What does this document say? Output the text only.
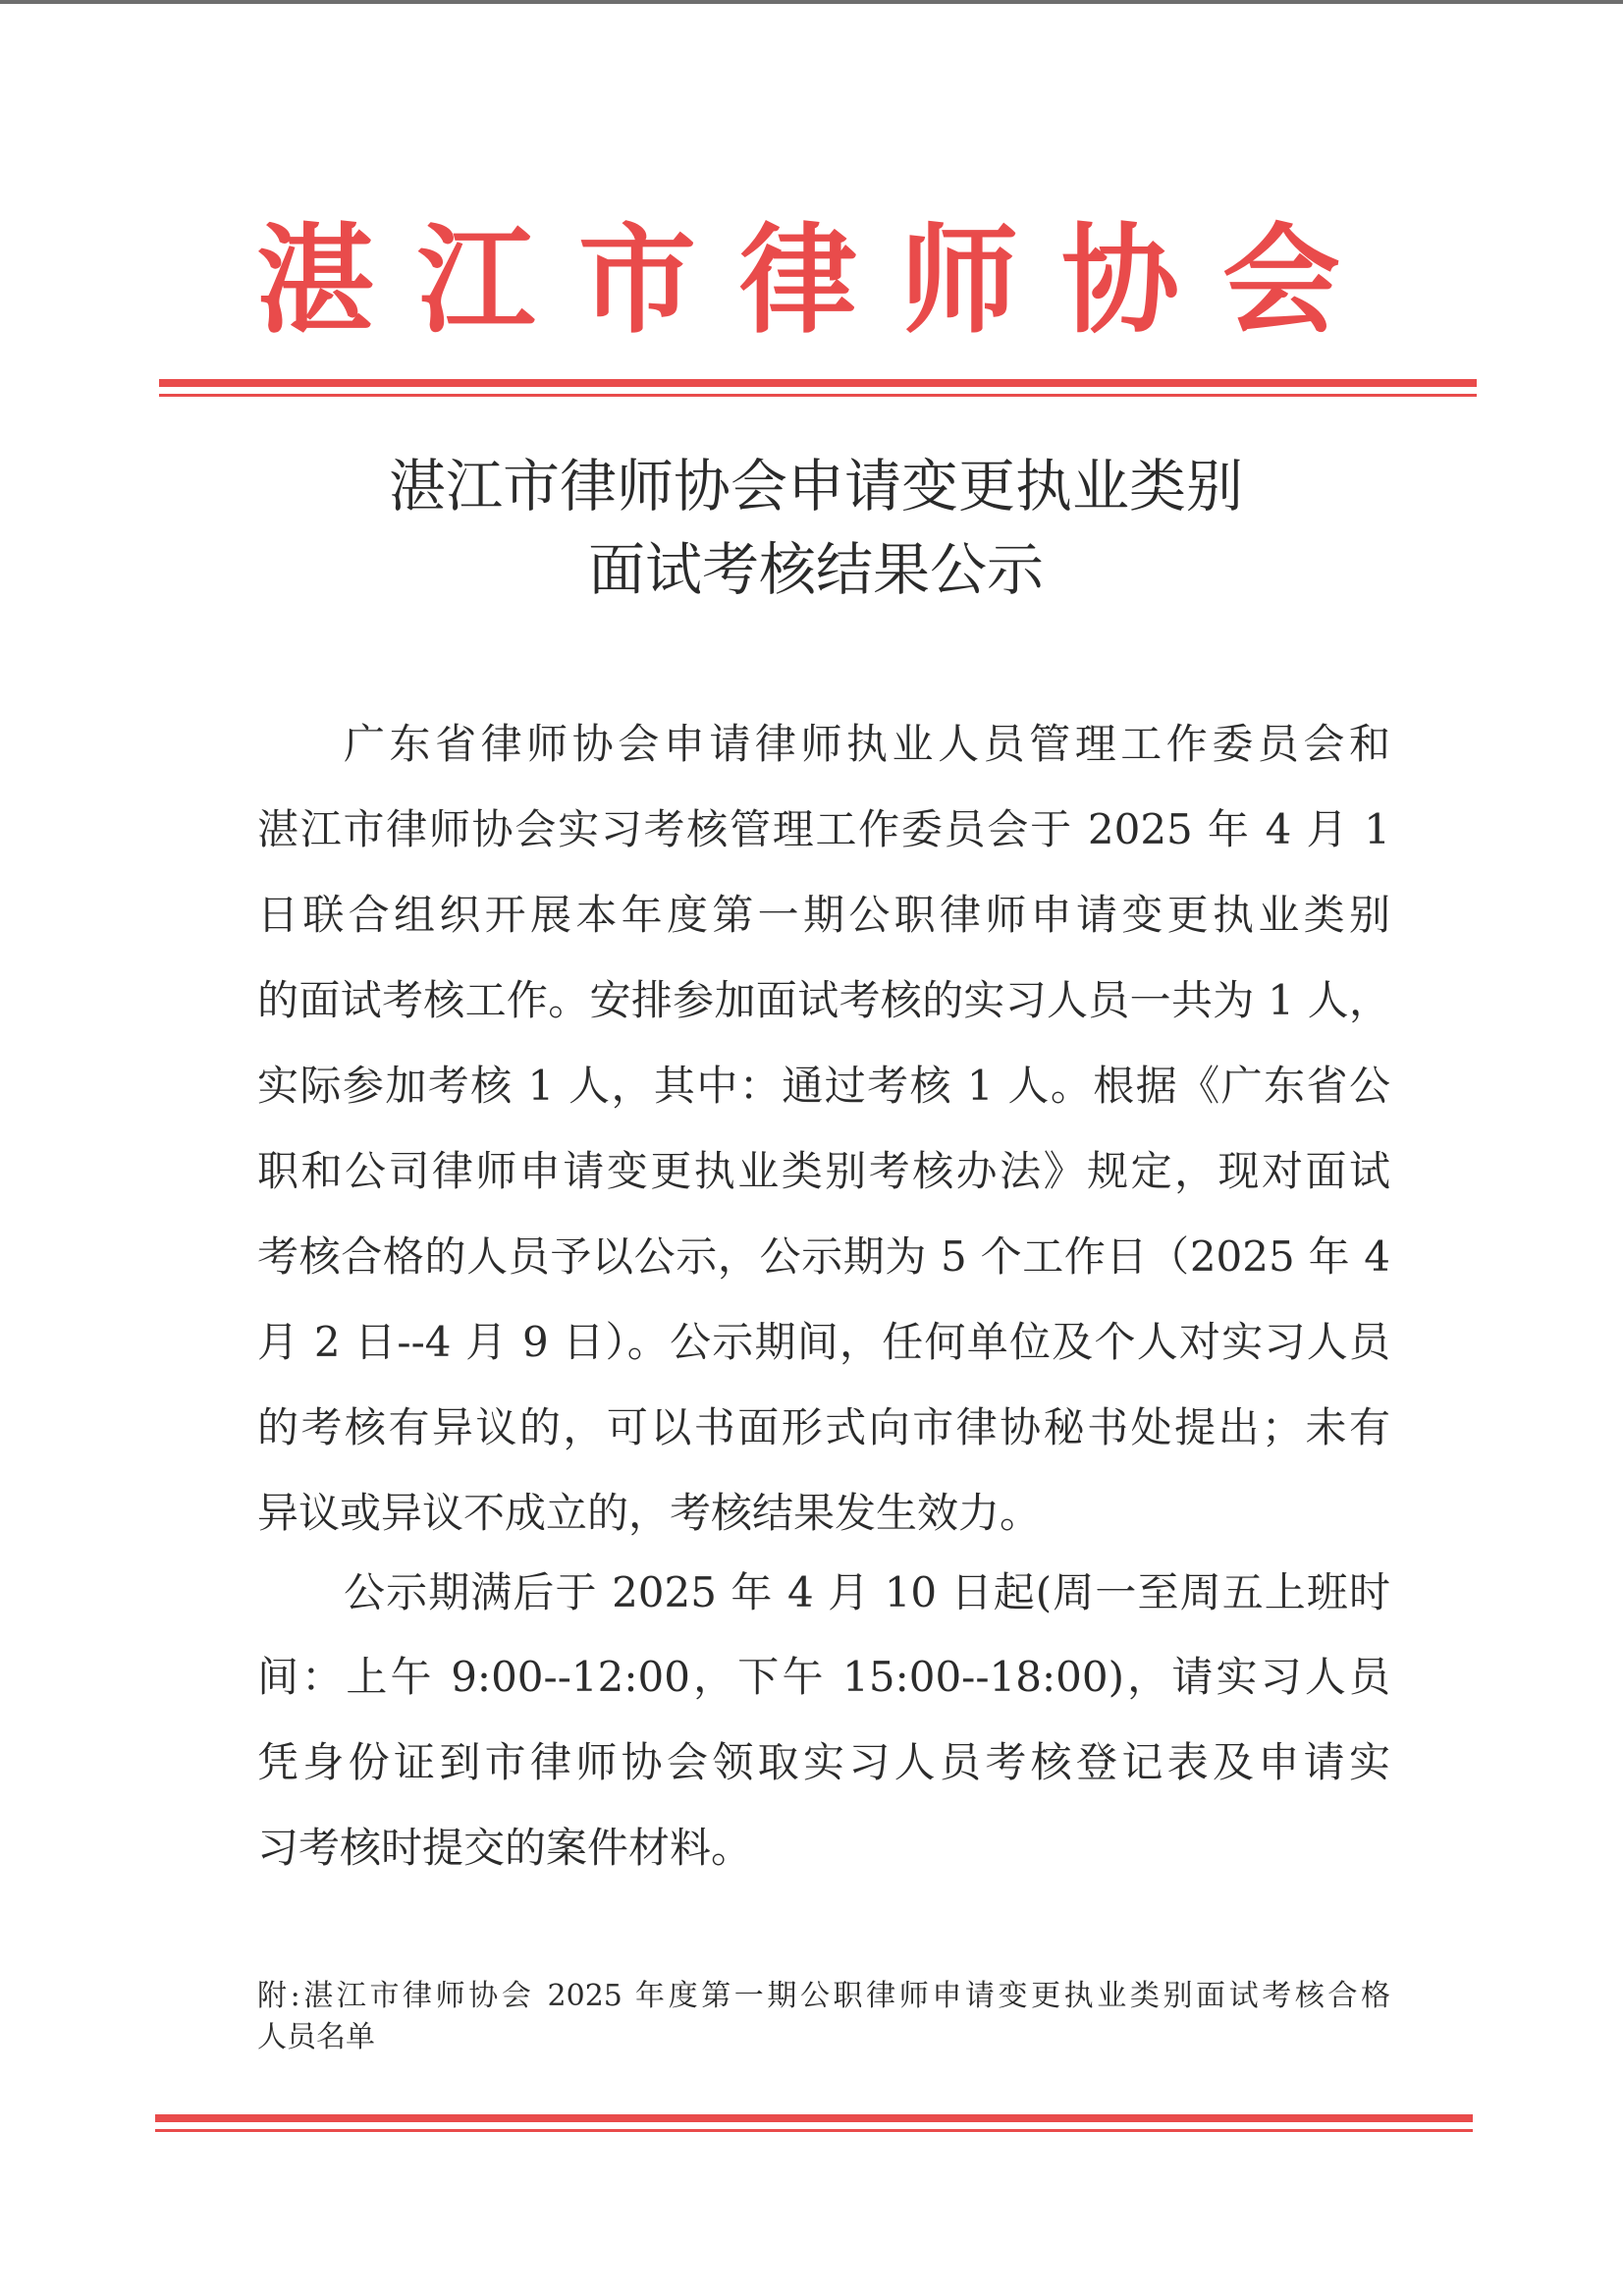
湛江市律师协会
湛江市律师协会申请变更执业类别
面试考核结果公示
广东省律师协会申请律师执业人员管理工作委员会和
湛江市律师协会实习考核管理工作委员会于 2025 年 4 月 1
日联合组织开展本年度第一期公职律师申请变更执业类别
的面试考核工作。安排参加面试考核的实习人员一共为 1 人，
实际参加考核 1 人，其中：通过考核 1 人。根据《广东省公
职和公司律师申请变更执业类别考核办法》规定，现对面试
考核合格的人员予以公示，公示期为 5 个工作日（2025 年 4
月 2 日--4 月 9 日）。公示期间，任何单位及个人对实习人员
的考核有异议的，可以书面形式向市律协秘书处提出；未有
异议或异议不成立的，考核结果发生效力。
公示期满后于 2025 年 4 月 10 日起(周一至周五上班时
间：上午 9:00--12:00，下午 15:00--18:00)，请实习人员
凭身份证到市律师协会领取实习人员考核登记表及申请实
习考核时提交的案件材料。
附:湛江市律师协会 2025 年度第一期公职律师申请变更执业类别面试考核合格
人员名单
